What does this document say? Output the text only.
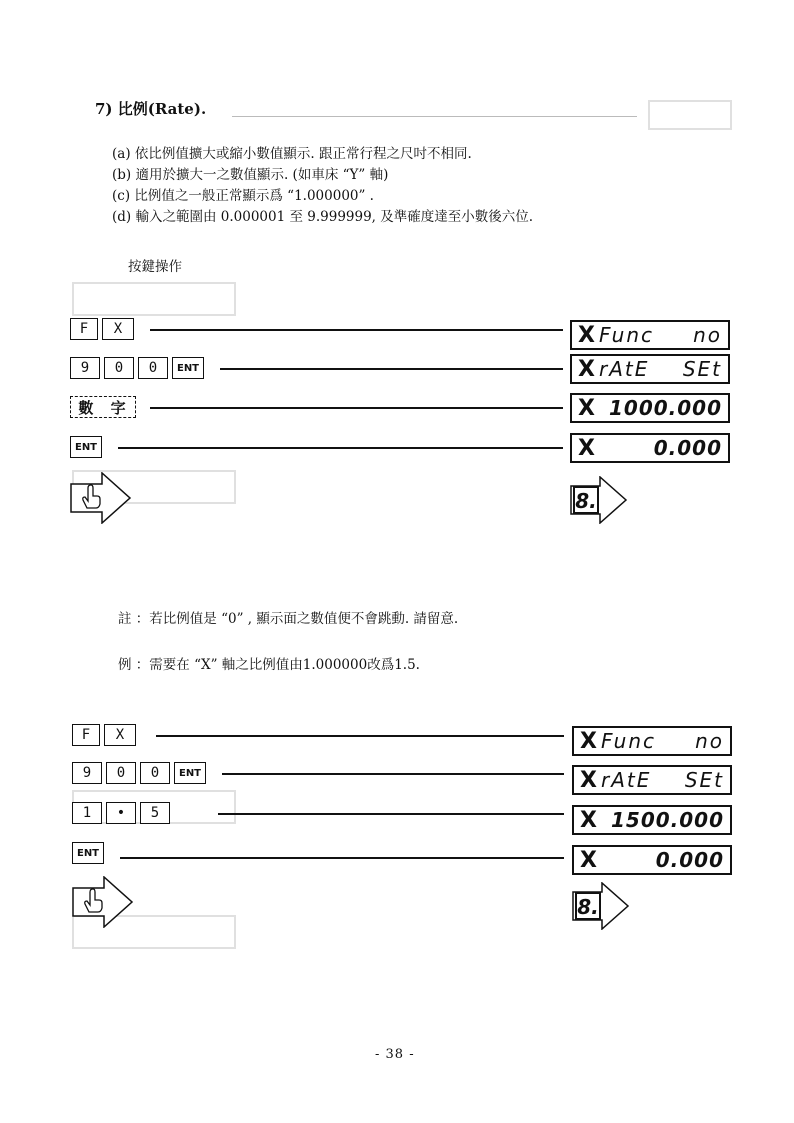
7) 比例(Rate).
(a) 依比例值擴大或縮小數值顯示. 跟正常行程之尺吋不相同.
(b) 適用於擴大一之數值顯示. (如車床 “Y” 軸)
(c) 比例值之一般正常顯示爲 “1.000000” .
(d) 輸入之範圍由 0.000001 至 9.999999, 及準確度達至小數後六位.
按鍵操作
F	X	X Func no
9	0	0	ENT	X rAtE SEt
數 字	X 1000.000
ENT	X	0.000
8.
註 ：若比例值是 “0” , 顯示面之數值便不會跳動. 請留意.
例 ：需要在 “X” 軸之比例值由1.000000改爲1.5.
F	X	X Func no
9	0	0	ENT	X rAtE SEt
1	•	5	X 1500.000
ENT	X	0.000
8.
- 38 -
